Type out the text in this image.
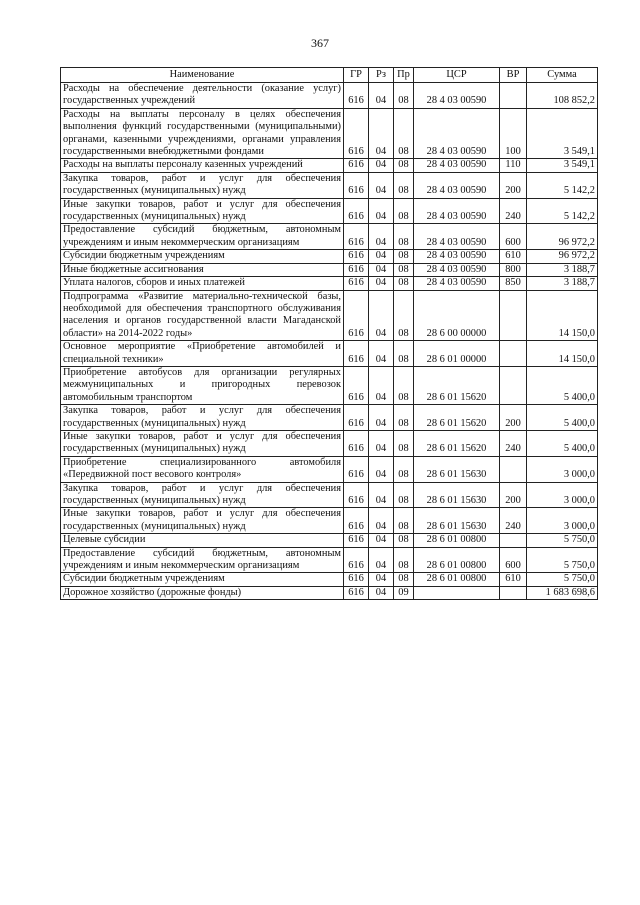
367
Наименование	ГР	Рз	Пр	ЦСР	ВР	Сумма
Расходы на обеспечение деятельности (оказание услуг) государственных учреждений	616	04	08	28 4 03 00590		108 852,2
Расходы на выплаты персоналу в целях обеспечения выполнения функций государственными (муниципальными) органами, казенными учреждениями, органами управления государственными внебюджетными фондами	616	04	08	28 4 03 00590	100	3 549,1
Расходы на выплаты персоналу казенных учреждений	616	04	08	28 4 03 00590	110	3 549,1
Закупка товаров, работ и услуг для обеспечения государственных (муниципальных) нужд	616	04	08	28 4 03 00590	200	5 142,2
Иные закупки товаров, работ и услуг для обеспечения государственных (муниципальных) нужд	616	04	08	28 4 03 00590	240	5 142,2
Предоставление субсидий бюджетным, автономным учреждениям и иным некоммерческим организациям	616	04	08	28 4 03 00590	600	96 972,2
Субсидии бюджетным учреждениям	616	04	08	28 4 03 00590	610	96 972,2
Иные бюджетные ассигнования	616	04	08	28 4 03 00590	800	3 188,7
Уплата налогов, сборов и иных платежей	616	04	08	28 4 03 00590	850	3 188,7
Подпрограмма «Развитие материально-технической базы, необходимой для обеспечения транспортного обслуживания населения и органов государственной власти Магаданской области» на 2014-2022 годы»	616	04	08	28 6 00 00000		14 150,0
Основное мероприятие «Приобретение автомобилей и специальной техники»	616	04	08	28 6 01 00000		14 150,0
Приобретение автобусов для организации регулярных межмуниципальных и пригородных перевозок автомобильным транспортом	616	04	08	28 6 01 15620		5 400,0
Закупка товаров, работ и услуг для обеспечения государственных (муниципальных) нужд	616	04	08	28 6 01 15620	200	5 400,0
Иные закупки товаров, работ и услуг для обеспечения государственных (муниципальных) нужд	616	04	08	28 6 01 15620	240	5 400,0
Приобретение специализированного автомобиля «Передвижной пост весового контроля»	616	04	08	28 6 01 15630		3 000,0
Закупка товаров, работ и услуг для обеспечения государственных (муниципальных) нужд	616	04	08	28 6 01 15630	200	3 000,0
Иные закупки товаров, работ и услуг для обеспечения государственных (муниципальных) нужд	616	04	08	28 6 01 15630	240	3 000,0
Целевые субсидии	616	04	08	28 6 01 00800		5 750,0
Предоставление субсидий бюджетным, автономным учреждениям и иным некоммерческим организациям	616	04	08	28 6 01 00800	600	5 750,0
Субсидии бюджетным учреждениям	616	04	08	28 6 01 00800	610	5 750,0
Дорожное хозяйство (дорожные фонды)	616	04	09			1 683 698,6
